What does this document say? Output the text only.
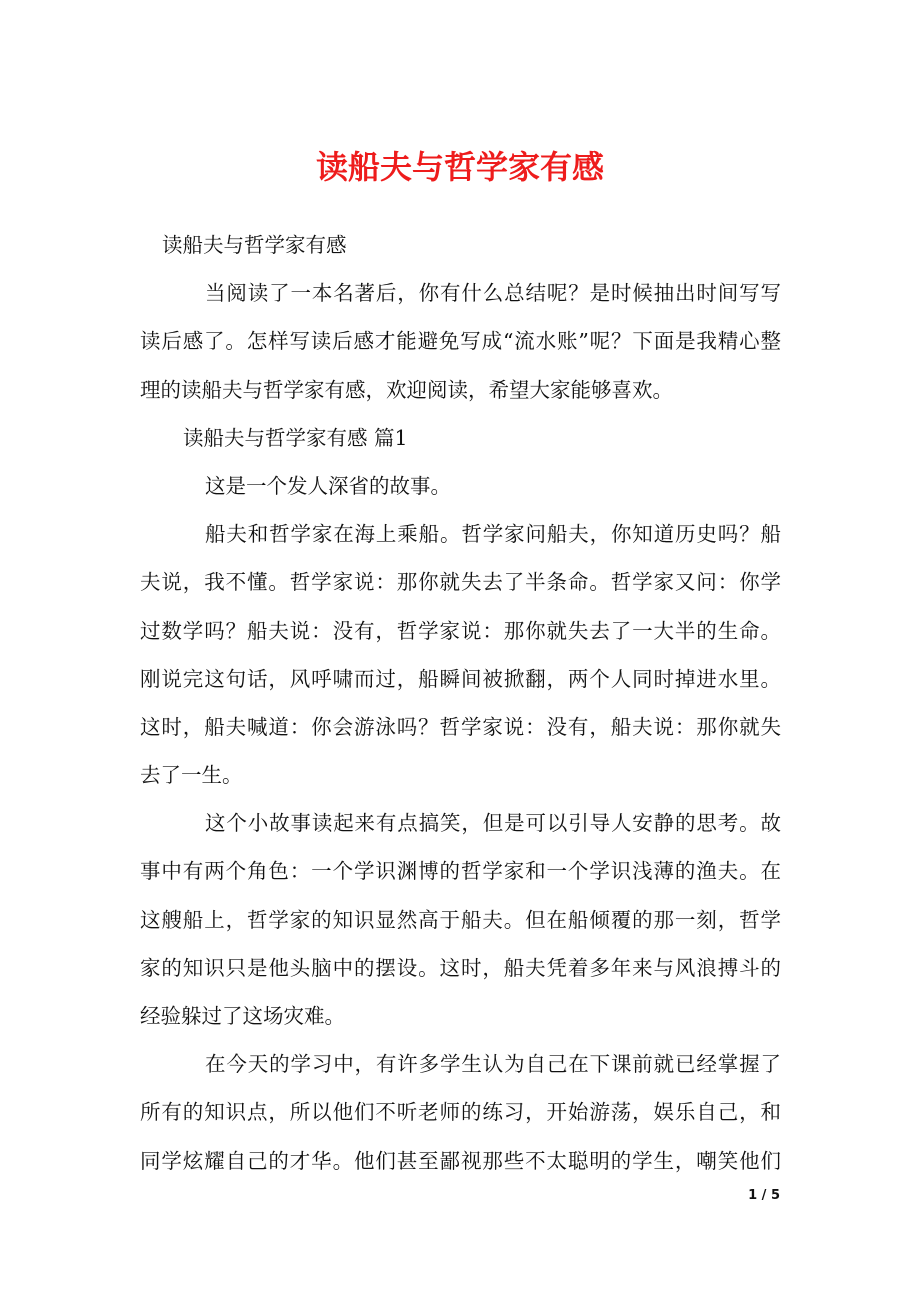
读船夫与哲学家有感
读船夫与哲学家有感
当阅读了一本名著后，你有什么总结呢？是时候抽出时间写写
读后感了。怎样写读后感才能避免写成“流水账”呢？下面是我精心整
理的读船夫与哲学家有感，欢迎阅读，希望大家能够喜欢。
读船夫与哲学家有感 篇1
这是一个发人深省的故事。
船夫和哲学家在海上乘船。哲学家问船夫，你知道历史吗？船
夫说，我不懂。哲学家说：那你就失去了半条命。哲学家又问：你学
过数学吗？船夫说：没有，哲学家说：那你就失去了一大半的生命。
刚说完这句话，风呼啸而过，船瞬间被掀翻，两个人同时掉进水里。
这时，船夫喊道：你会游泳吗？哲学家说：没有，船夫说：那你就失
去了一生。
这个小故事读起来有点搞笑，但是可以引导人安静的思考。故
事中有两个角色：一个学识渊博的哲学家和一个学识浅薄的渔夫。在
这艘船上，哲学家的知识显然高于船夫。但在船倾覆的那一刻，哲学
家的知识只是他头脑中的摆设。这时，船夫凭着多年来与风浪搏斗的
经验躲过了这场灾难。
在今天的学习中，有许多学生认为自己在下课前就已经掌握了
所有的知识点，所以他们不听老师的练习，开始游荡，娱乐自己，和
同学炫耀自己的才华。他们甚至鄙视那些不太聪明的学生，嘲笑他们
1 / 5
